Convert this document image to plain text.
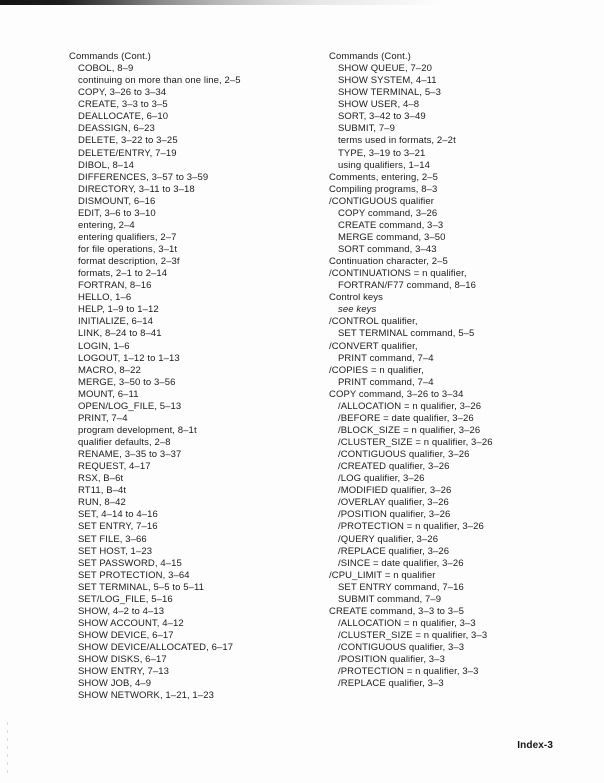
Commands (Cont.)
COBOL, 8–9
continuing on more than one line, 2–5
COPY, 3–26 to 3–34
CREATE, 3–3 to 3–5
DEALLOCATE, 6–10
DEASSIGN, 6–23
DELETE, 3–22 to 3–25
DELETE/ENTRY, 7–19
DIBOL, 8–14
DIFFERENCES, 3–57 to 3–59
DIRECTORY, 3–11 to 3–18
DISMOUNT, 6–16
EDIT, 3–6 to 3–10
entering, 2–4
entering qualifiers, 2–7
for file operations, 3–1t
format description, 2–3f
formats, 2–1 to 2–14
FORTRAN, 8–16
HELLO, 1–6
HELP, 1–9 to 1–12
INITIALIZE, 6–14
LINK, 8–24 to 8–41
LOGIN, 1–6
LOGOUT, 1–12 to 1–13
MACRO, 8–22
MERGE, 3–50 to 3–56
MOUNT, 6–11
OPEN/LOG_FILE, 5–13
PRINT, 7–4
program development, 8–1t
qualifier defaults, 2–8
RENAME, 3–35 to 3–37
REQUEST, 4–17
RSX, B–6t
RT11, B–4t
RUN, 8–42
SET, 4–14 to 4–16
SET ENTRY, 7–16
SET FILE, 3–66
SET HOST, 1–23
SET PASSWORD, 4–15
SET PROTECTION, 3–64
SET TERMINAL, 5–5 to 5–11
SET/LOG_FILE, 5–16
SHOW, 4–2 to 4–13
SHOW ACCOUNT, 4–12
SHOW DEVICE, 6–17
SHOW DEVICE/ALLOCATED, 6–17
SHOW DISKS, 6–17
SHOW ENTRY, 7–13
SHOW JOB, 4–9
SHOW NETWORK, 1–21, 1–23
Commands (Cont.)
SHOW QUEUE, 7–20
SHOW SYSTEM, 4–11
SHOW TERMINAL, 5–3
SHOW USER, 4–8
SORT, 3–42 to 3–49
SUBMIT, 7–9
terms used in formats, 2–2t
TYPE, 3–19 to 3–21
using qualifiers, 1–14
Comments, entering, 2–5
Compiling programs, 8–3
/CONTIGUOUS qualifier
COPY command, 3–26
CREATE command, 3–3
MERGE command, 3–50
SORT command, 3–43
Continuation character, 2–5
/CONTINUATIONS = n qualifier,
FORTRAN/F77 command, 8–16
Control keys
see keys
/CONTROL qualifier,
SET TERMINAL command, 5–5
/CONVERT qualifier,
PRINT command, 7–4
/COPIES = n qualifier,
PRINT command, 7–4
COPY command, 3–26 to 3–34
/ALLOCATION = n qualifier, 3–26
/BEFORE = date qualifier, 3–26
/BLOCK_SIZE = n qualifier, 3–26
/CLUSTER_SIZE = n qualifier, 3–26
/CONTIGUOUS qualifier, 3–26
/CREATED qualifier, 3–26
/LOG qualifier, 3–26
/MODIFIED qualifier, 3–26
/OVERLAY qualifier, 3–26
/POSITION qualifier, 3–26
/PROTECTION = n qualifier, 3–26
/QUERY qualifier, 3–26
/REPLACE qualifier, 3–26
/SINCE = date qualifier, 3–26
/CPU_LIMIT = n qualifier
SET ENTRY command, 7–16
SUBMIT command, 7–9
CREATE command, 3–3 to 3–5
/ALLOCATION = n qualifier, 3–3
/CLUSTER_SIZE = n qualifier, 3–3
/CONTIGUOUS qualifier, 3–3
/POSITION qualifier, 3–3
/PROTECTION = n qualifier, 3–3
/REPLACE qualifier, 3–3
Index-3
